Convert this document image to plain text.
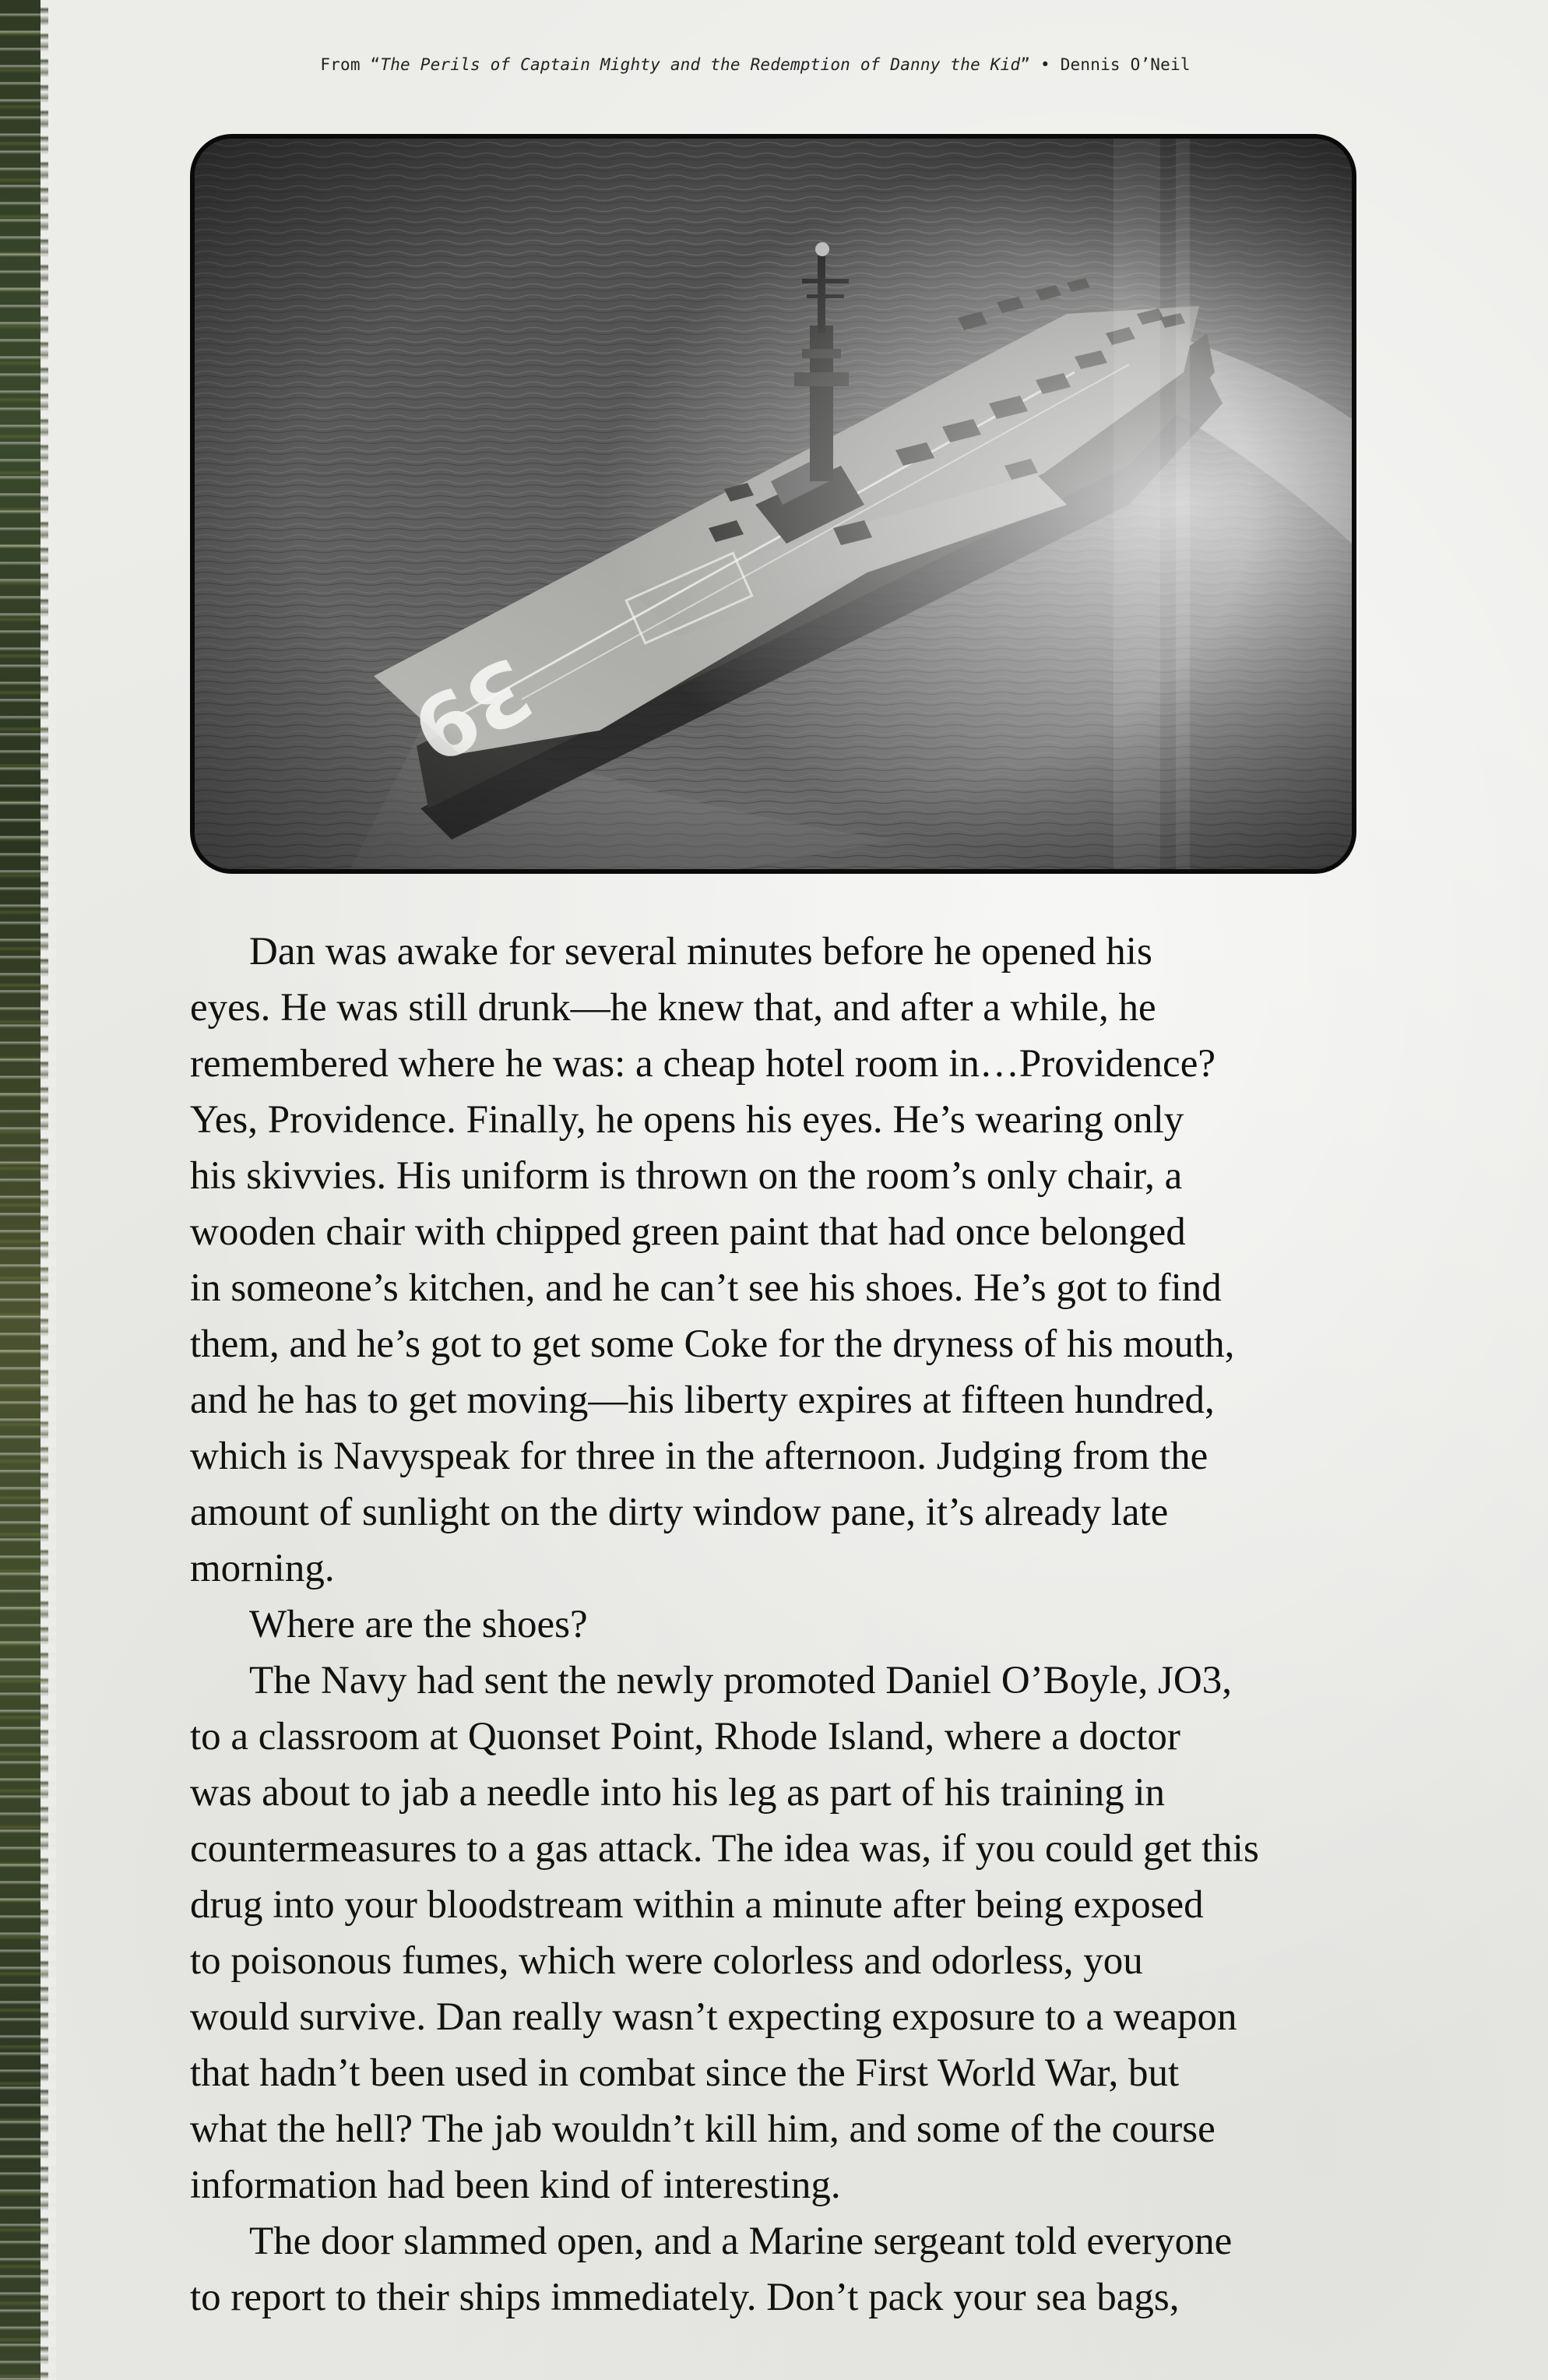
From “The Perils of Captain Mighty and the Redemption of Danny the Kid” • Dennis O’Neil
Dan was awake for several minutes before he opened his
eyes. He was still drunk—he knew that, and after a while, he
remembered where he was: a cheap hotel room in…Providence?
Yes, Providence. Finally, he opens his eyes. He’s wearing only
his skivvies. His uniform is thrown on the room’s only chair, a
wooden chair with chipped green paint that had once belonged
in someone’s kitchen, and he can’t see his shoes. He’s got to find
them, and he’s got to get some Coke for the dryness of his mouth,
and he has to get moving—his liberty expires at fifteen hundred,
which is Navyspeak for three in the afternoon. Judging from the
amount of sunlight on the dirty window pane, it’s already late
morning.
Where are the shoes?
The Navy had sent the newly promoted Daniel O’Boyle, JO3,
to a classroom at Quonset Point, Rhode Island, where a doctor
was about to jab a needle into his leg as part of his training in
countermeasures to a gas attack. The idea was, if you could get this
drug into your bloodstream within a minute after being exposed
to poisonous fumes, which were colorless and odorless, you
would survive. Dan really wasn’t expecting exposure to a weapon
that hadn’t been used in combat since the First World War, but
what the hell? The jab wouldn’t kill him, and some of the course
information had been kind of interesting.
The door slammed open, and a Marine sergeant told everyone
to report to their ships immediately. Don’t pack your sea bags,
